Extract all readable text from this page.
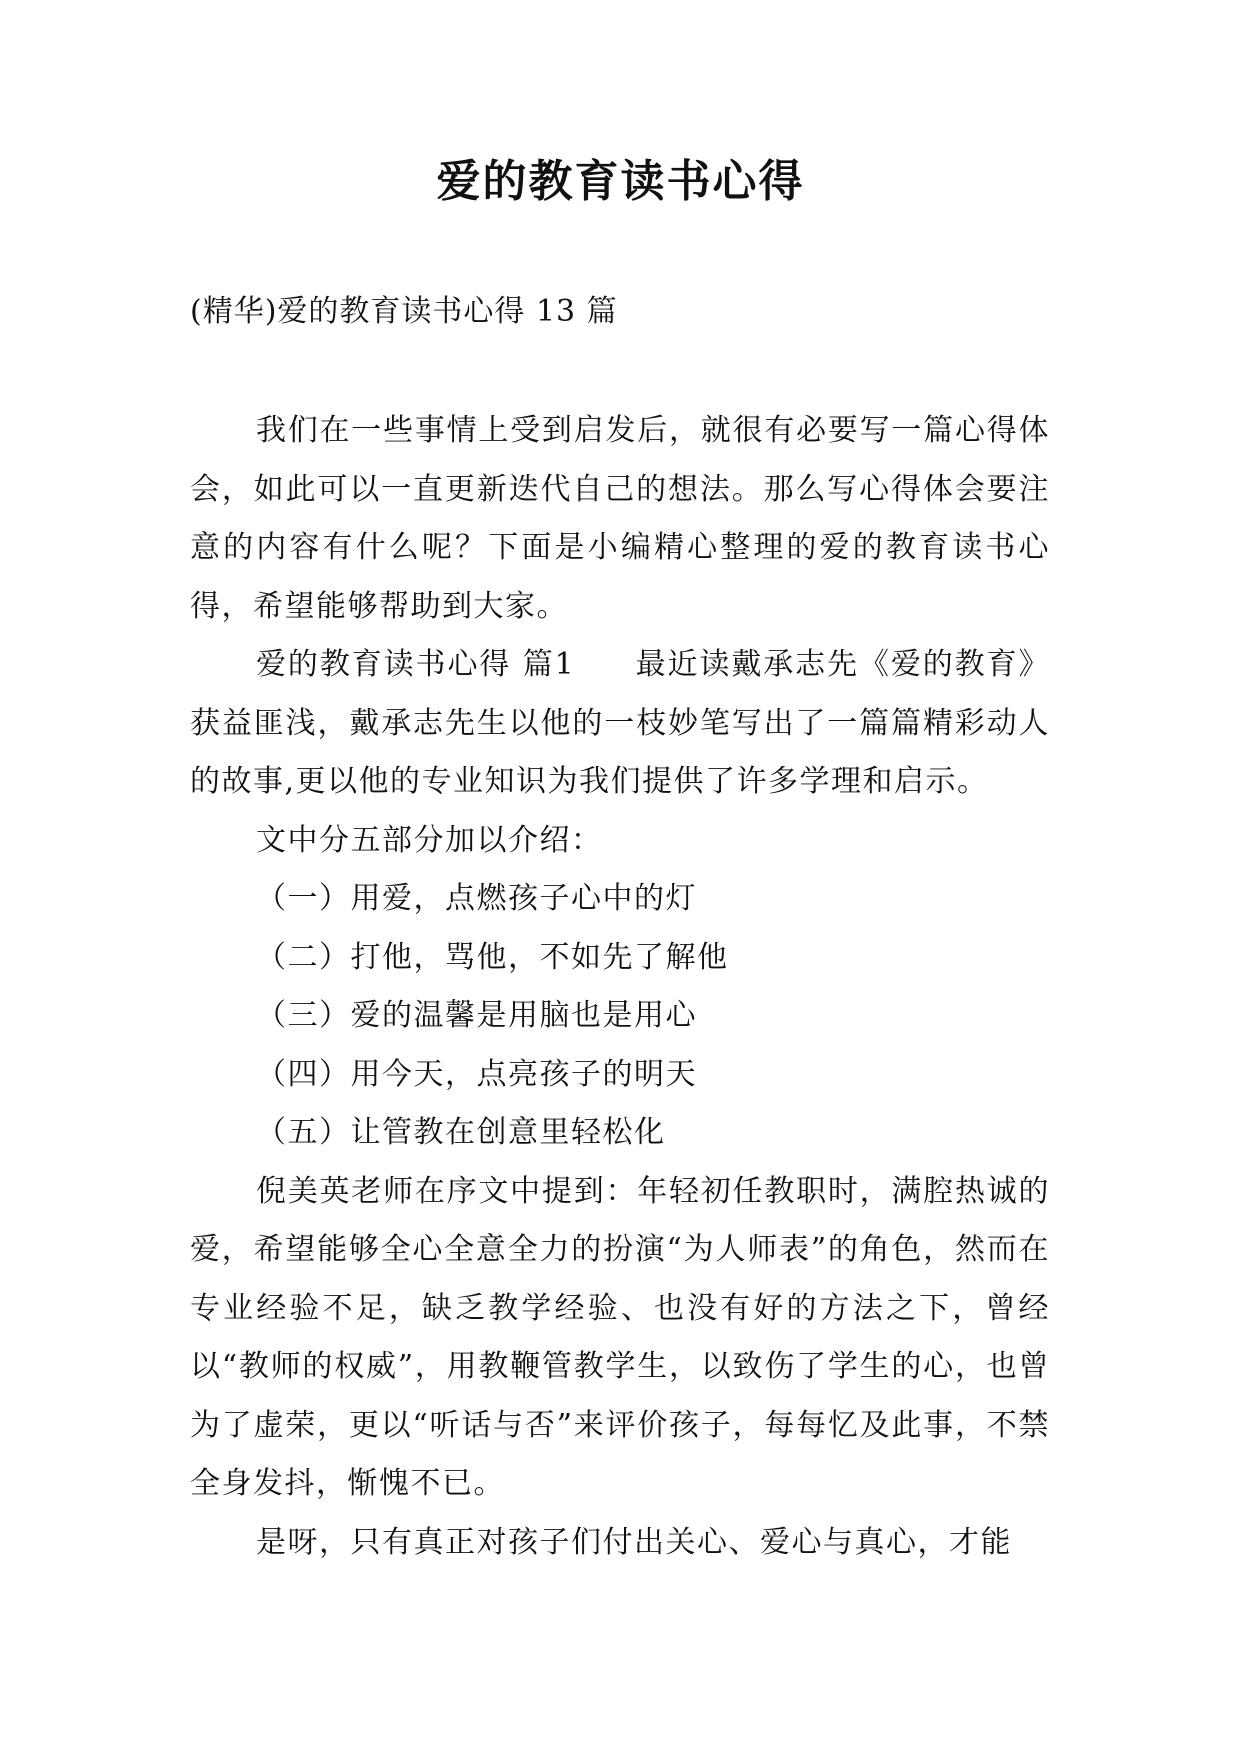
爱的教育读书心得
(精华)爱的教育读书心得 13 篇

我们在一些事情上受到启发后，就很有必要写一篇心得体会，如此可以一直更新迭代自己的想法。那么写心得体会要注意的内容有什么呢？下面是小编精心整理的爱的教育读书心得，希望能够帮助到大家。

爱的教育读书心得 篇1 最近读戴承志先《爱的教育》获益匪浅，戴承志先生以他的一枝妙笔写出了一篇篇精彩动人的故事,更以他的专业知识为我们提供了许多学理和启示。

文中分五部分加以介绍：

（一）用爱，点燃孩子心中的灯

（二）打他，骂他，不如先了解他

（三）爱的温馨是用脑也是用心

（四）用今天，点亮孩子的明天

（五）让管教在创意里轻松化

倪美英老师在序文中提到：年轻初任教职时，满腔热诚的爱，希望能够全心全意全力的扮演“为人师表”的角色，然而在专业经验不足，缺乏教学经验、也没有好的方法之下，曾经以“教师的权威”，用教鞭管教学生，以致伤了学生的心，也曾为了虚荣，更以“听话与否”来评价孩子，每每忆及此事，不禁全身发抖，惭愧不已。

是呀，只有真正对孩子们付出关心、爱心与真心，才能
